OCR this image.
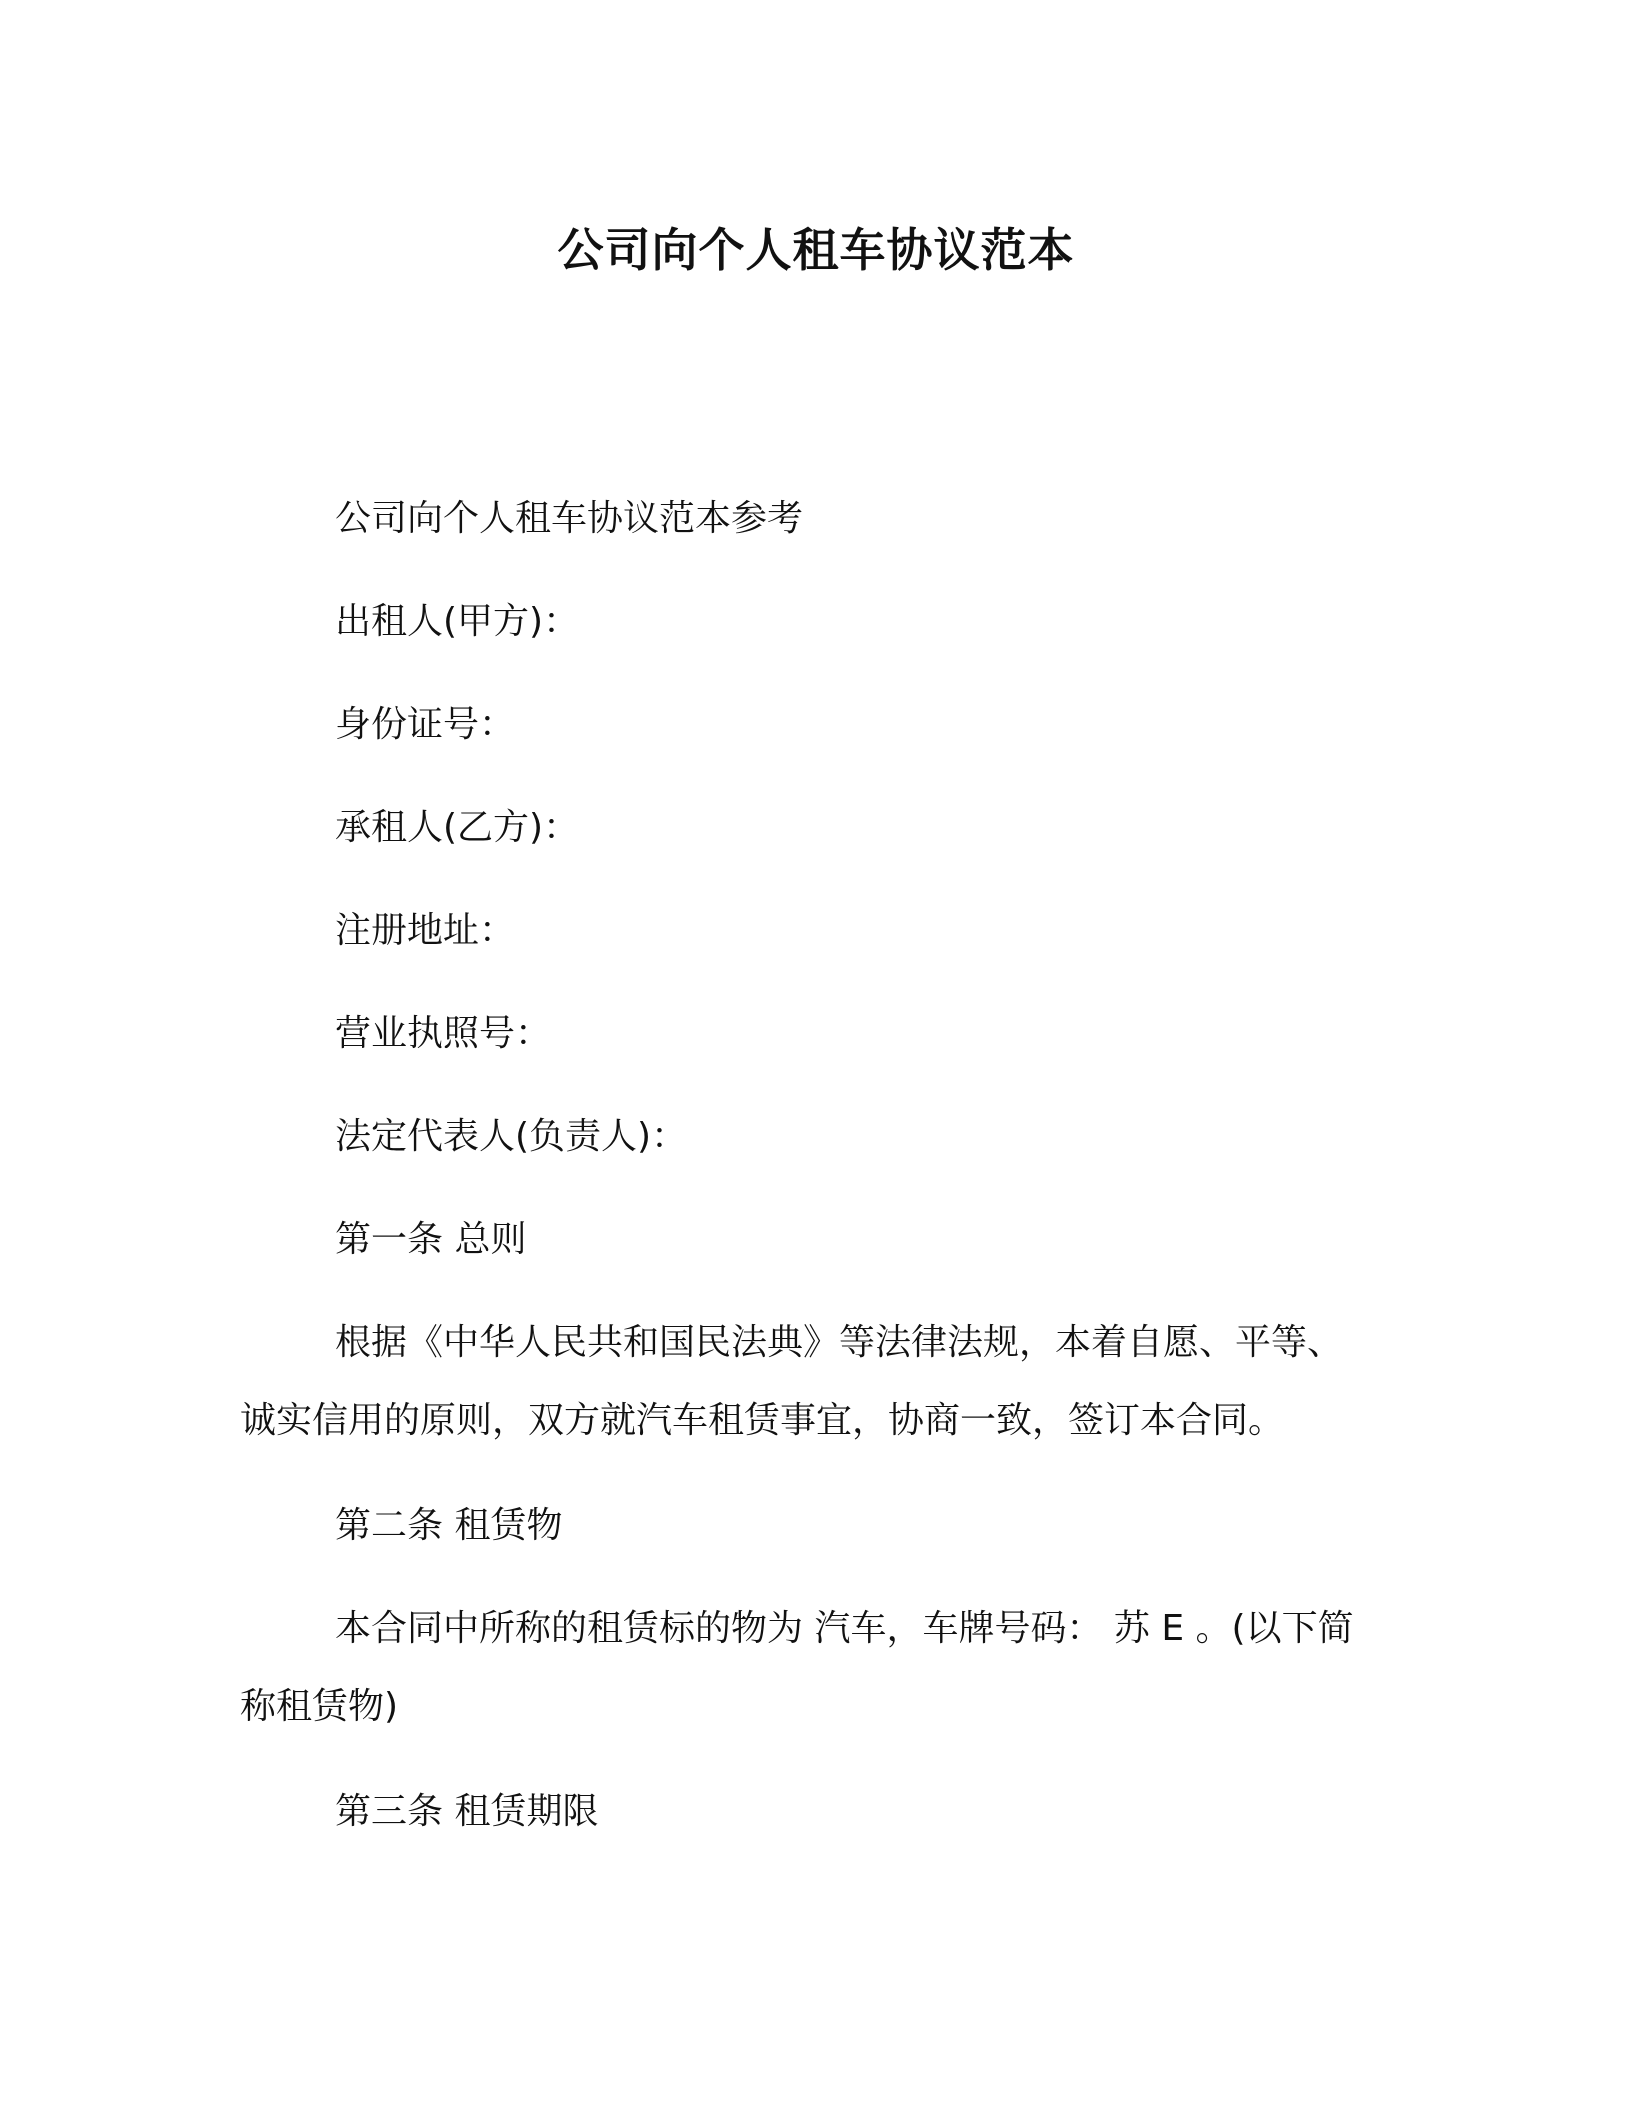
公司向个人租车协议范本
公司向个人租车协议范本参考
出租人(甲方)：
身份证号：
承租人(乙方)：
注册地址：
营业执照号：
法定代表人(负责人)：
第一条 总则
根据《中华人民共和国民法典》等法律法规，本着自愿、平等、
诚实信用的原则，双方就汽车租赁事宜，协商一致，签订本合同。
第二条 租赁物
本合同中所称的租赁标的物为 汽车，车牌号码： 苏 E 。(以下简
称租赁物)
第三条 租赁期限
